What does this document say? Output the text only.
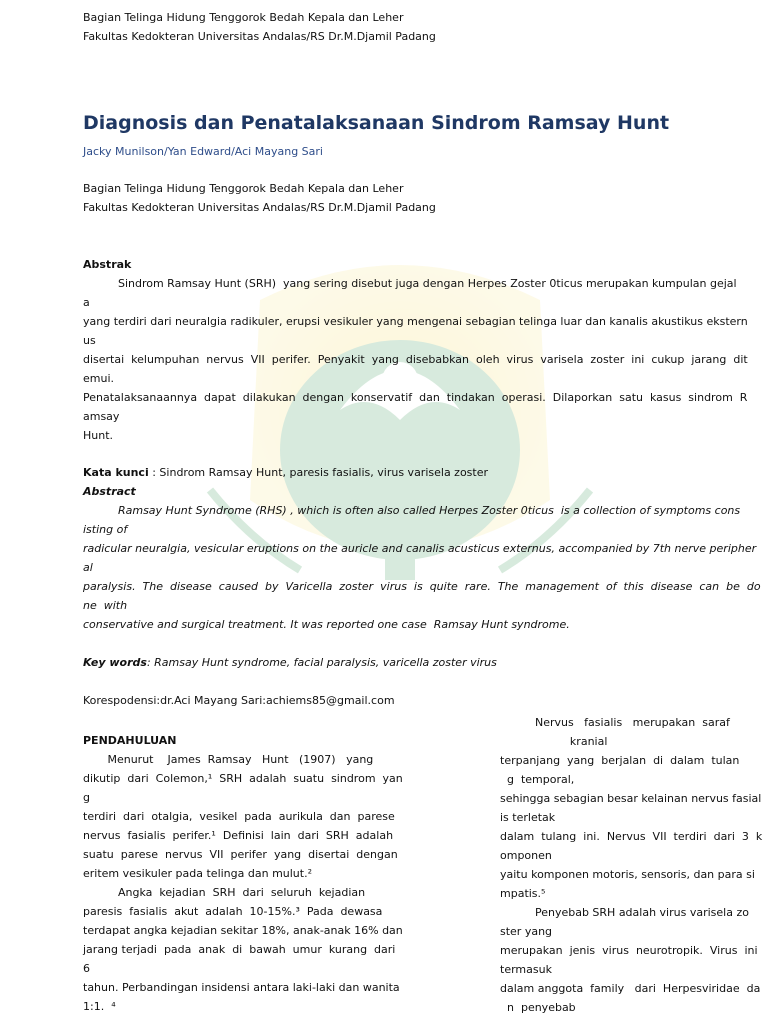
Bagian Telinga Hidung Tenggorok Bedah Kepala dan Leher
Fakultas Kedokteran Universitas Andalas/RS Dr.M.Djamil Padang
Diagnosis dan Penatalaksanaan Sindrom Ramsay Hunt
Jacky Munilson/Yan Edward/Aci Mayang Sari
Bagian Telinga Hidung Tenggorok Bedah Kepala dan Leher
Fakultas Kedokteran Universitas Andalas/RS Dr.M.Djamil Padang
Abstrak
Sindrom Ramsay Hunt (SRH)  yang sering disebut juga dengan Herpes Zoster 0ticus merupakan kumpulan gejal
a
yang terdiri dari neuralgia radikuler, erupsi vesikuler yang mengenai sebagian telinga luar dan kanalis akustikus ekstern
us
disertai  kelumpuhan  nervus  VII  perifer.  Penyakit  yang  disebabkan  oleh  virus  varisela  zoster  ini  cukup  jarang  dit
emui.
Penatalaksanaannya  dapat  dilakukan  dengan  konservatif  dan  tindakan  operasi.  Dilaporkan  satu  kasus  sindrom  R
amsay
Hunt.
Kata kunci : Sindrom Ramsay Hunt, paresis fasialis, virus varisela zoster
Abstract
Ramsay Hunt Syndrome (RHS) , which is often also called Herpes Zoster 0ticus  is a collection of symptoms cons
isting of
radicular neuralgia, vesicular eruptions on the auricle and canalis acusticus externus, accompanied by 7th nerve peripher
al
paralysis.  The  disease  caused  by  Varicella  zoster  virus  is  quite  rare.  The  management  of  this  disease  can  be  do
ne  with
conservative and surgical treatment. It was reported one case  Ramsay Hunt syndrome.
Key words: Ramsay Hunt syndrome, facial paralysis, varicella zoster virus
Korespodensi:dr.Aci Mayang Sari:achiems85@gmail.com
PENDAHULUAN
Menurut    James  Ramsay   Hunt   (1907)   yang
dikutip  dari  Colemon,¹  SRH  adalah  suatu  sindrom  yan
g
terdiri  dari  otalgia,  vesikel  pada  aurikula  dan  parese
nervus  fasialis  perifer.¹  Definisi  lain  dari  SRH  adalah
suatu  parese  nervus  VII  perifer  yang  disertai  dengan
eritem vesikuler pada telinga dan mulut.²
Angka  kejadian  SRH  dari  seluruh  kejadian
paresis  fasialis  akut  adalah  10-15%.³  Pada  dewasa
terdapat angka kejadian sekitar 18%, anak-anak 16% dan
jarang terjadi  pada  anak  di  bawah  umur  kurang  dari
6
tahun. Perbandingan insidensi antara laki-laki dan wanita
1:1.  ⁴
Nervus   fasialis   merupakan  saraf
kranial
terpanjang  yang  berjalan  di  dalam  tulan
g  temporal,
sehingga sebagian besar kelainan nervus fasial
is terletak
dalam  tulang  ini.  Nervus  VII  terdiri  dari  3  k
omponen
yaitu komponen motoris, sensoris, dan para si
mpatis.⁵
Penyebab SRH adalah virus varisela zo
ster yang
merupakan  jenis  virus  neurotropik.  Virus  ini
termasuk
dalam anggota  family   dari  Herpesviridae  da
n  penyebab
